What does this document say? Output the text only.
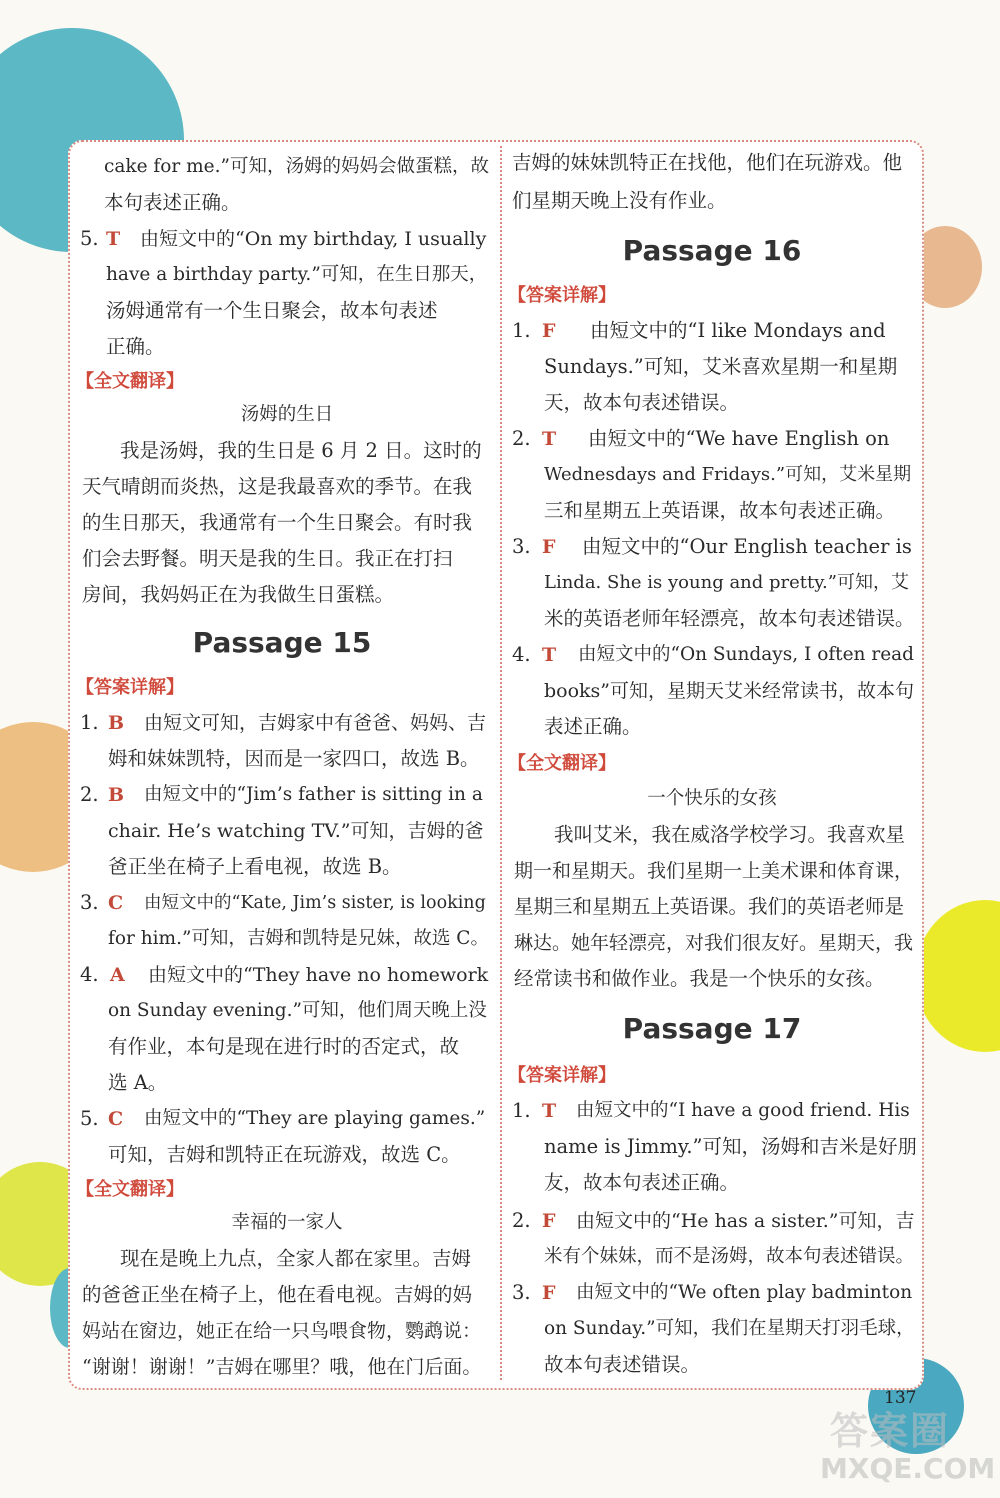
cake for me.”可知，汤姆的妈妈会做蛋糕，故
本句表述正确。
5. T 由短文中的“On my birthday, I usually
have a birthday party.”可知，在生日那天，
汤姆通常有一个生日聚会，故本句表述
正确。
【全文翻译】
汤姆的生日
我是汤姆，我的生日是 6 月 2 日。这时的
天气晴朗而炎热，这是我最喜欢的季节。在我
的生日那天，我通常有一个生日聚会。有时我
们会去野餐。明天是我的生日。我正在打扫
房间，我妈妈正在为我做生日蛋糕。
Passage 15
【答案详解】
1. B 由短文可知，吉姆家中有爸爸、妈妈、吉
姆和妹妹凯特，因而是一家四口，故选 B。
2. B 由短文中的“Jim’s father is sitting in a
chair. He’s watching TV.”可知，吉姆的爸
爸正坐在椅子上看电视，故选 B。
3. C 由短文中的“Kate, Jim’s sister, is looking
for him.”可知，吉姆和凯特是兄妹，故选 C。
4. A 由短文中的“They have no homework
on Sunday evening.”可知，他们周天晚上没
有作业，本句是现在进行时的否定式，故
选 A。
5. C 由短文中的“They are playing games.”
可知，吉姆和凯特正在玩游戏，故选 C。
【全文翻译】
幸福的一家人
现在是晚上九点，全家人都在家里。吉姆
的爸爸正坐在椅子上，他在看电视。吉姆的妈
妈站在窗边，她正在给一只鸟喂食物，鹦鹉说：
“谢谢！谢谢！”吉姆在哪里？哦，他在门后面。
吉姆的妹妹凯特正在找他，他们在玩游戏。他
们星期天晚上没有作业。
Passage 16
【答案详解】
1. F 由短文中的“I like Mondays and
Sundays.”可知，艾米喜欢星期一和星期
天，故本句表述错误。
2. T 由短文中的“We have English on
Wednesdays and Fridays.”可知，艾米星期
三和星期五上英语课，故本句表述正确。
3. F 由短文中的“Our English teacher is
Linda. She is young and pretty.”可知，艾
米的英语老师年轻漂亮，故本句表述错误。
4. T 由短文中的“On Sundays, I often read
books”可知，星期天艾米经常读书，故本句
表述正确。
【全文翻译】
一个快乐的女孩
我叫艾米，我在威洛学校学习。我喜欢星
期一和星期天。我们星期一上美术课和体育课，
星期三和星期五上英语课。我们的英语老师是
琳达。她年轻漂亮，对我们很友好。星期天，我
经常读书和做作业。我是一个快乐的女孩。
Passage 17
【答案详解】
1. T 由短文中的“I have a good friend. His
name is Jimmy.”可知，汤姆和吉米是好朋
友，故本句表述正确。
2. F 由短文中的“He has a sister.”可知，吉
米有个妹妹，而不是汤姆，故本句表述错误。
3. F 由短文中的“We often play badminton
on Sunday.”可知，我们在星期天打羽毛球，
故本句表述错误。
137
答案圈
MXQE.COM
